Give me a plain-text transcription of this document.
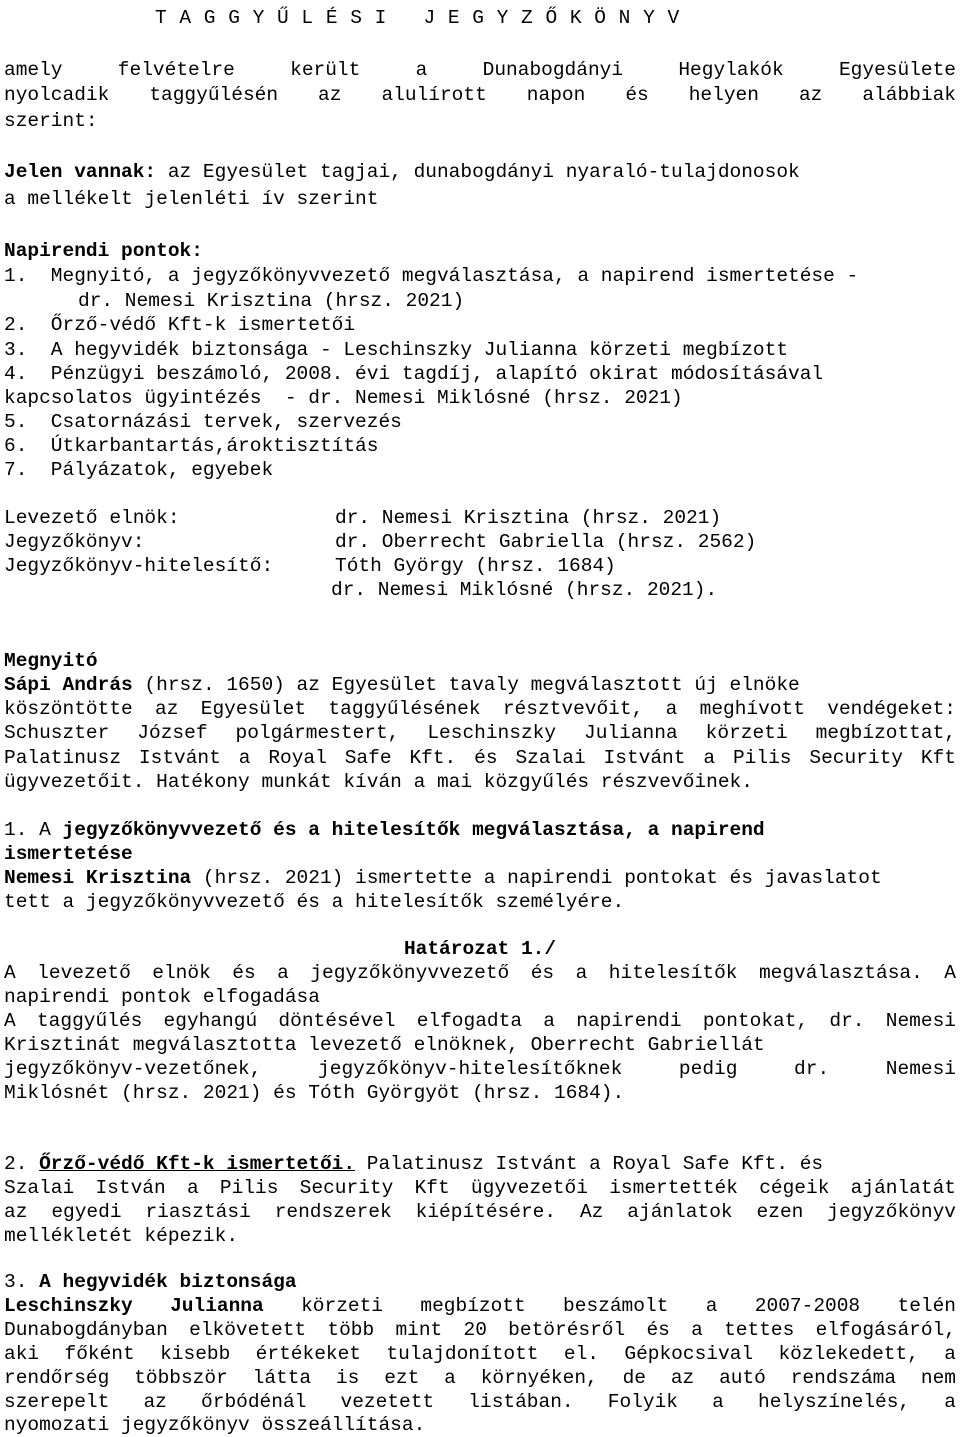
T A G G Y Ű L É S I   J E G Y Z Ő K Ö N Y V
amely felvételre került a Dunabogdányi Hegylakók Egyesülete
nyolcadik taggyűlésén az alulírott napon és helyen az alábbiak
szerint:
Jelen vannak: az Egyesület tagjai, dunabogdányi nyaraló-tulajdonosok
a mellékelt jelenléti ív szerint
Napirendi pontok:
1.  Megnyitó, a jegyzőkönyvvezető megválasztása, a napirend ismertetése -
dr. Nemesi Krisztina (hrsz. 2021)
2.  Őrző-védő Kft-k ismertetői
3.  A hegyvidék biztonsága - Leschinszky Julianna körzeti megbízott
4.  Pénzügyi beszámoló, 2008. évi tagdíj, alapító okirat módosításával
kapcsolatos ügyintézés  - dr. Nemesi Miklósné (hrsz. 2021)
5.  Csatornázási tervek, szervezés
6.  Útkarbantartás,ároktisztítás
7.  Pályázatok, egyebek
Levezető elnök:	dr. Nemesi Krisztina (hrsz. 2021)
Jegyzőkönyv:	dr. Oberrecht Gabriella (hrsz. 2562)
Jegyzőkönyv-hitelesítő:	Tóth György (hrsz. 1684)
dr. Nemesi Miklósné (hrsz. 2021).
Megnyitó
Sápi András (hrsz. 1650) az Egyesület tavaly megválasztott új elnöke
köszöntötte az Egyesület taggyűlésének résztvevőit, a meghívott vendégeket:
Schuszter József polgármestert, Leschinszky Julianna körzeti megbízottat,
Palatinusz Istvánt a Royal Safe Kft. és Szalai Istvánt a Pilis Security Kft
ügyvezetőit. Hatékony munkát kíván a mai közgyűlés részvevőinek.
1. A jegyzőkönyvvezető és a hitelesítők megválasztása, a napirend
ismertetése
Nemesi Krisztina (hrsz. 2021) ismertette a napirendi pontokat és javaslatot
tett a jegyzőkönyvvezető és a hitelesítők személyére.
Határozat 1./
A levezető elnök és a jegyzőkönyvvezető és a hitelesítők megválasztása. A
napirendi pontok elfogadása
A taggyűlés egyhangú döntésével elfogadta a napirendi pontokat, dr. Nemesi
Krisztinát megválasztotta levezető elnöknek, Oberrecht Gabriellát
jegyzőkönyv-vezetőnek, jegyzőkönyv-hitelesítőknek pedig dr. Nemesi
Miklósnét (hrsz. 2021) és Tóth Györgyöt (hrsz. 1684).
2. Őrző-védő Kft-k ismertetői. Palatinusz Istvánt a Royal Safe Kft. és
Szalai István a Pilis Security Kft ügyvezetői ismertették cégeik ajánlatát
az egyedi riasztási rendszerek kiépítésére. Az ajánlatok ezen jegyzőkönyv
mellékletét képezik.
3. A hegyvidék biztonsága
Leschinszky Julianna körzeti megbízott beszámolt a 2007-2008 telén
Dunabogdányban elkövetett több mint 20 betörésről és a tettes elfogásáról,
aki főként kisebb értékeket tulajdonított el. Gépkocsival közlekedett, a
rendőrség többször látta is ezt a környéken, de az autó rendszáma nem
szerepelt az őrbódénál vezetett listában. Folyik a helyszínelés, a
nyomozati jegyzőkönyv összeállítása.
